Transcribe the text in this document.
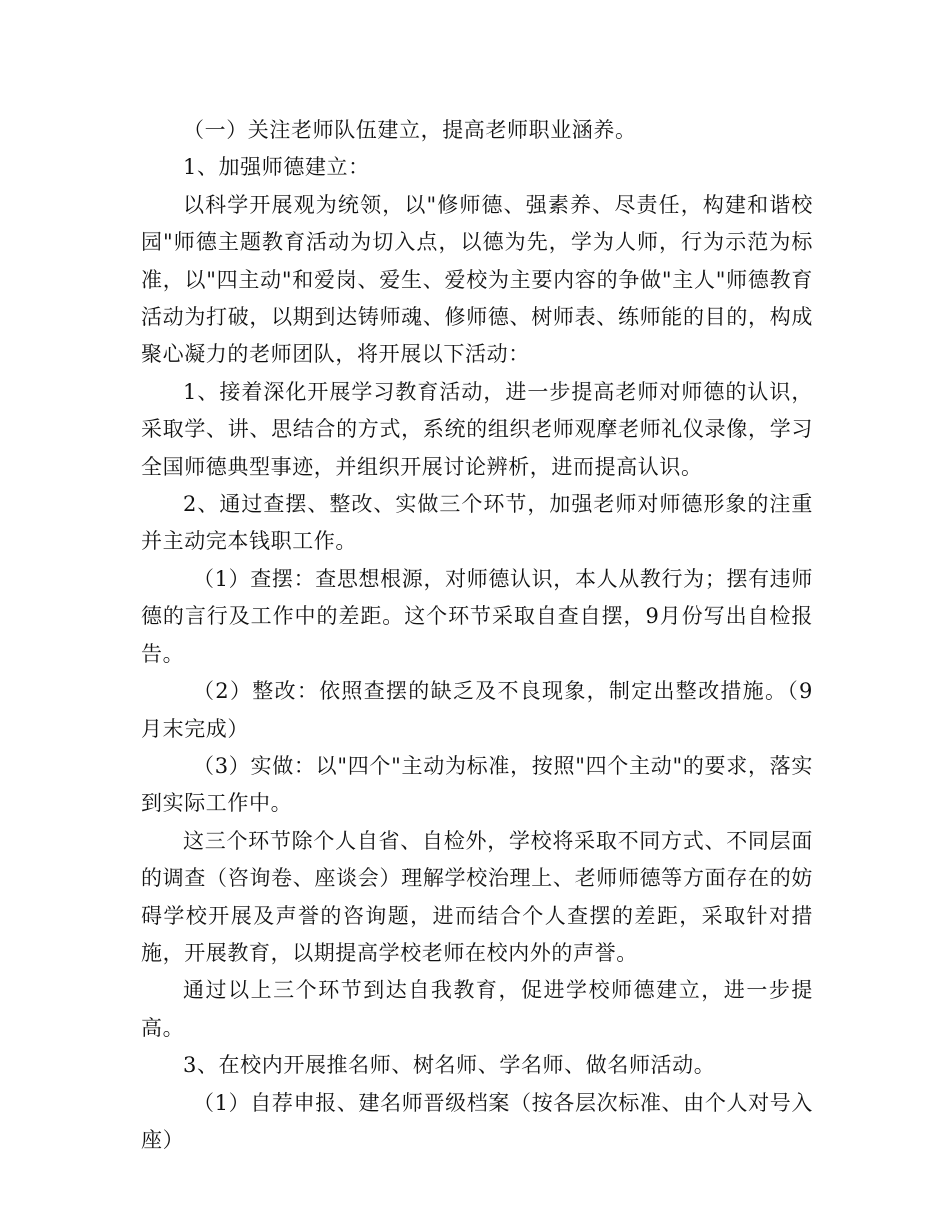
（一）关注老师队伍建立，提高老师职业涵养。

1、加强师德建立：

以科学开展观为统领，以"修师德、强素养、尽责任，构建和谐校园"师德主题教育活动为切入点，以德为先，学为人师，行为示范为标准，以"四主动"和爱岗、爱生、爱校为主要内容的争做"主人"师德教育活动为打破，以期到达铸师魂、修师德、树师表、练师能的目的，构成聚心凝力的老师团队，将开展以下活动：

1、接着深化开展学习教育活动，进一步提高老师对师德的认识，采取学、讲、思结合的方式，系统的组织老师观摩老师礼仪录像，学习全国师德典型事迹，并组织开展讨论辨析，进而提高认识。

2、通过查摆、整改、实做三个环节，加强老师对师德形象的注重并主动完本钱职工作。

（1）查摆：查思想根源，对师德认识，本人从教行为；摆有违师德的言行及工作中的差距。这个环节采取自查自摆，9月份写出自检报告。

（2）整改：依照查摆的缺乏及不良现象，制定出整改措施。（9月末完成）

（3）实做：以"四个"主动为标准，按照"四个主动"的要求，落实到实际工作中。

这三个环节除个人自省、自检外，学校将采取不同方式、不同层面的调查（咨询卷、座谈会）理解学校治理上、老师师德等方面存在的妨碍学校开展及声誉的咨询题，进而结合个人查摆的差距，采取针对措施，开展教育，以期提高学校老师在校内外的声誉。

通过以上三个环节到达自我教育，促进学校师德建立，进一步提高。

3、在校内开展推名师、树名师、学名师、做名师活动。

（1）自荐申报、建名师晋级档案（按各层次标准、由个人对号入座）
